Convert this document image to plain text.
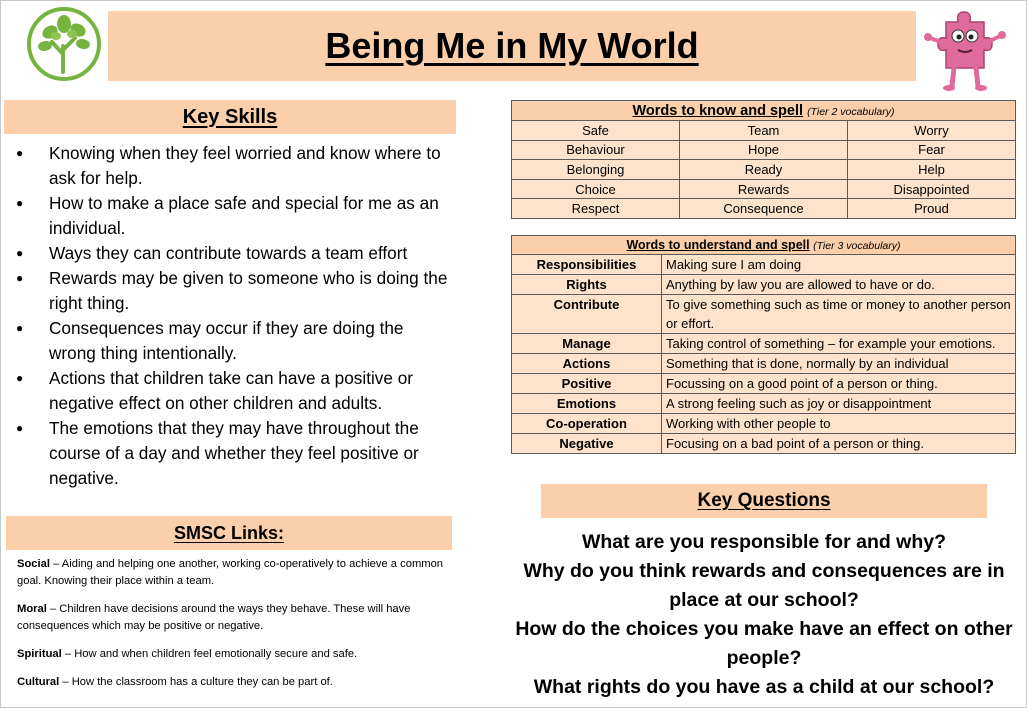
Being Me in My World
Key Skills
● Knowing when they feel worried and know where to ask for help.
● How to make a place safe and special for me as an individual.
● Ways they can contribute towards a team effort
● Rewards may be given to someone who is doing the right thing.
● Consequences may occur if they are doing the wrong thing intentionally.
● Actions that children take can have a positive or negative effect on other children and adults.
● The emotions that they may have throughout the course of a day and whether they feel positive or negative.
SMSC Links:

Social – Aiding and helping one another, working co-operatively to achieve a common goal. Knowing their place within a team.

Moral – Children have decisions around the ways they behave. These will have consequences which may be positive or negative.

Spiritual – How and when children feel emotionally secure and safe.

Cultural – How the classroom has a culture they can be part of.

Words to know and spell (Tier 2 vocabulary)		
Safe	Team	Worry
Behaviour	Hope	Fear
Belonging	Ready	Help
Choice	Rewards	Disappointed
Respect	Consequence	Proud
Words to understand and spell (Tier 3 vocabulary)	
Responsibilities	Making sure I am doing
Rights	Anything by law you are allowed to have or do.
Contribute	To give something such as time or money to another person or effort.
Manage	Taking control of something – for example your emotions.
Actions	Something that is done, normally by an individual
Positive	Focussing on a good point of a person or thing.
Emotions	A strong feeling such as joy or disappointment
Co-operation	Working with other people to
Negative	Focusing on a bad point of a person or thing.
Key Questions

What are you responsible for and why?

Why do you think rewards and consequences are in place at our school?

How do the choices you make have an effect on other people?

What rights do you have as a child at our school?
